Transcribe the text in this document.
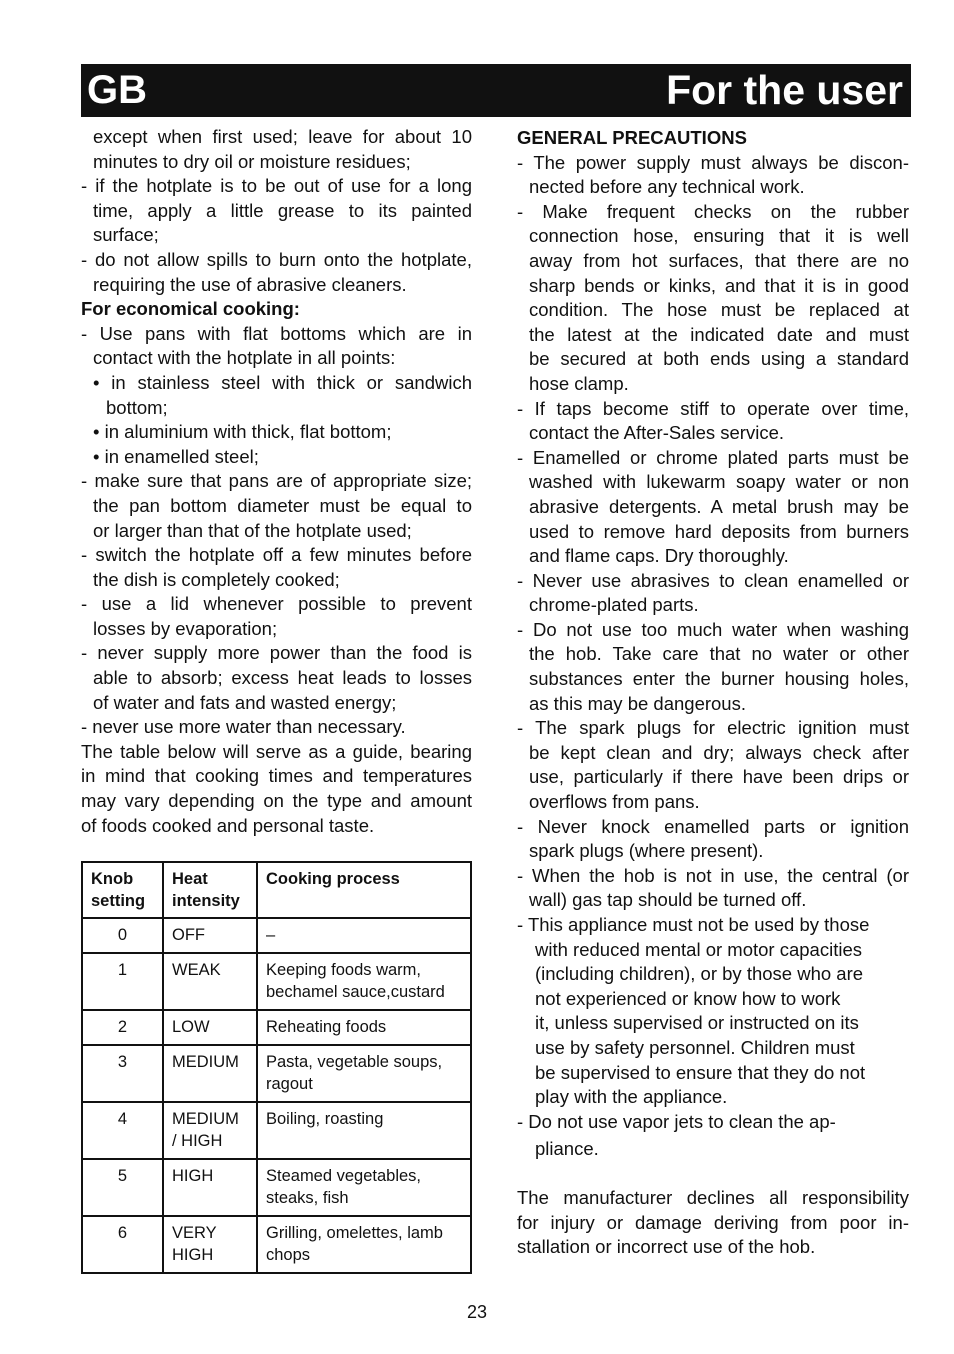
GB	For the user
except when first used; leave for about 10
minutes to dry oil or moisture residues;
- if the hotplate is to be out of use for a long
time, apply a little grease to its painted
surface;
- do not allow spills to burn onto the hotplate,
requiring the use of abrasive cleaners.
For economical cooking:
- Use pans with flat bottoms which are in
contact with the hotplate in all points:
• in stainless steel with thick or sandwich
bottom;
• in aluminium with thick, flat bottom;
• in enamelled steel;
- make sure that pans are of appropriate size;
the pan bottom diameter must be equal to
or larger than that of the hotplate used;
- switch the hotplate off a few minutes before
the dish is completely cooked;
- use a lid whenever possible to prevent
losses by evaporation;
- never supply more power than the food is
able to absorb; excess heat leads to losses
of water and fats and wasted energy;
- never use more water than necessary.
The table below will serve as a guide, bearing
in mind that cooking times and temperatures
may vary depending on the type and amount
of foods cooked and personal taste.
Knob setting	Heat intensity	Cooking process
0	OFF	–
1	WEAK	Keeping foods warm, bechamel sauce,custard
2	LOW	Reheating foods
3	MEDIUM	Pasta, vegetable soups, ragout
4	MEDIUM / HIGH	Boiling, roasting
5	HIGH	Steamed vegetables, steaks, fish
6	VERY HIGH	Grilling, omelettes, lamb chops
GENERAL PRECAUTIONS
- The power supply must always be discon-
nected before any technical work.
- Make frequent checks on the rubber
connection hose, ensuring that it is well
away from hot surfaces, that there are no
sharp bends or kinks, and that it is in good
condition. The hose must be replaced at
the latest at the indicated date and must
be secured at both ends using a standard
hose clamp.
- If taps become stiff to operate over time,
contact the After-Sales service.
- Enamelled or chrome plated parts must be
washed with lukewarm soapy water or non
abrasive detergents. A metal brush may be
used to remove hard deposits from burners
and flame caps. Dry thoroughly.
- Never use abrasives to clean enamelled or
chrome-plated parts.
- Do not use too much water when washing
the hob. Take care that no water or other
substances enter the burner housing holes,
as this may be dangerous.
- The spark plugs for electric ignition must
be kept clean and dry; always check after
use, particularly if there have been drips or
overflows from pans.
- Never knock enamelled parts or ignition
spark plugs (where present).
- When the hob is not in use, the central (or
wall) gas tap should be turned off.
- This appliance must not be used by those
with reduced mental or motor capacities
(including children), or by those who are
not experienced or know how to work
it, unless supervised or instructed on its
use by safety personnel. Children must
be supervised to ensure that they do not
play with the appliance.
- Do not use vapor jets to clean the ap-
pliance.
The manufacturer declines all responsibility
for injury or damage deriving from poor in-
stallation or incorrect use of the hob.
23
